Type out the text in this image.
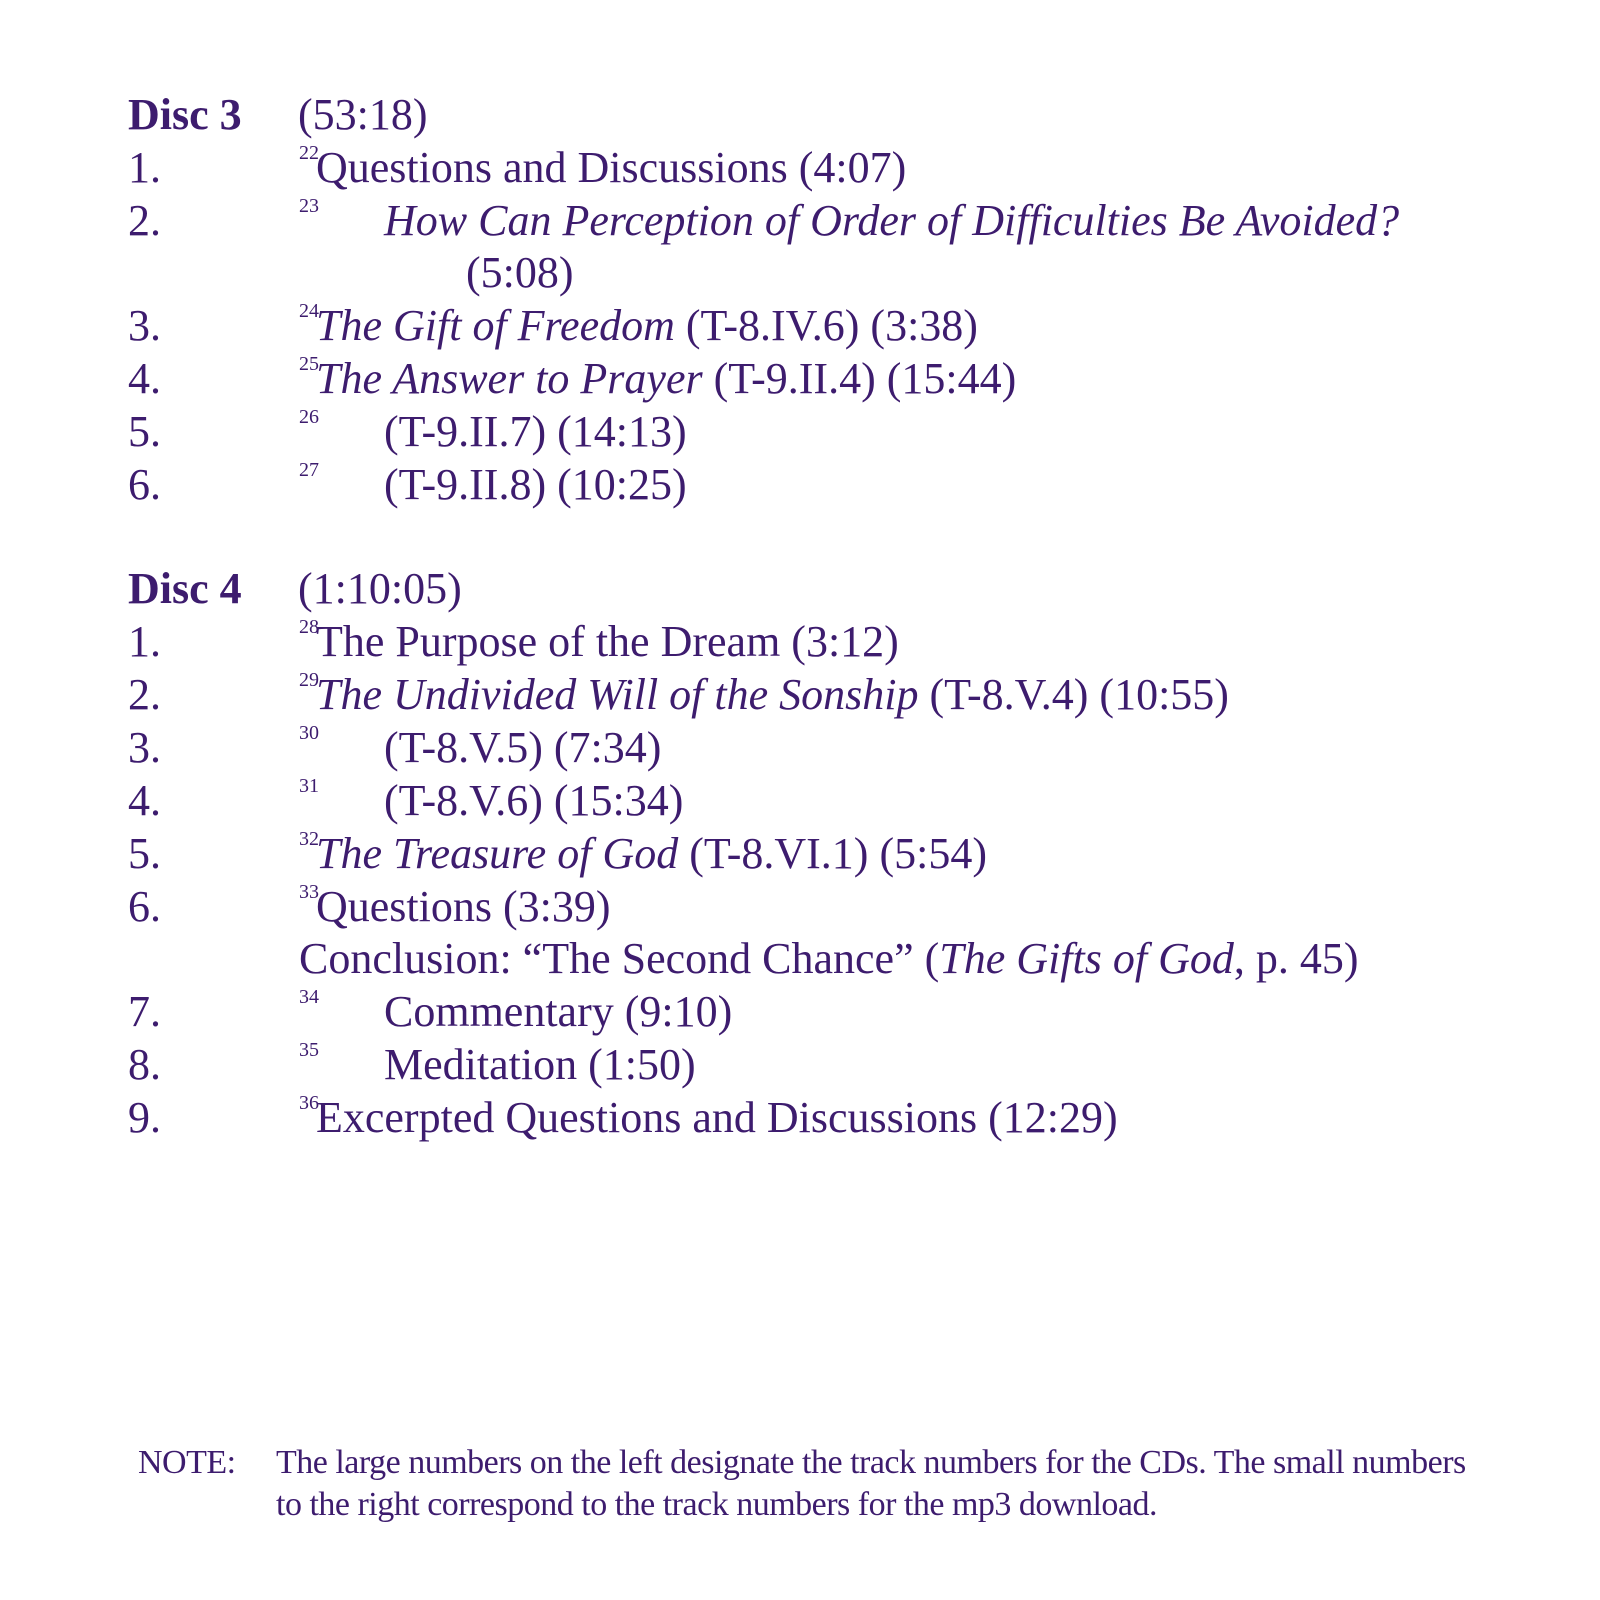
Disc 3 (53:18)
1.	22
Questions and Discussions (4:07)
2.	23 How Can Perception of Order of Difficulties Be Avoided?
(5:08)
3.	24
The Gift of Freedom (T-8.IV.6) (3:38)
4.	25
The Answer to Prayer (T-9.II.4) (15:44)
5.	26 (T-9.II.7) (14:13)
6.	27 (T-9.II.8) (10:25)
Disc 4 (1:10:05)
1.	28
The Purpose of the Dream (3:12)
2.	29
The Undivided Will of the Sonship (T-8.V.4) (10:55)
3.	30 (T-8.V.5) (7:34)
4.	31 (T-8.V.6) (15:34)
5.	32
The Treasure of God (T-8.VI.1) (5:54)
6.	33
Questions (3:39)
Conclusion: “The Second Chance” (The Gifts of God, p. 45)
7.	34 Commentary (9:10)
8.	35 Meditation (1:50)
9.	36
Excerpted Questions and Discussions (12:29)
NOTE: The large numbers on the left designate the track numbers for the CDs. The small numbers to the right correspond to the track numbers for the mp3 download.
